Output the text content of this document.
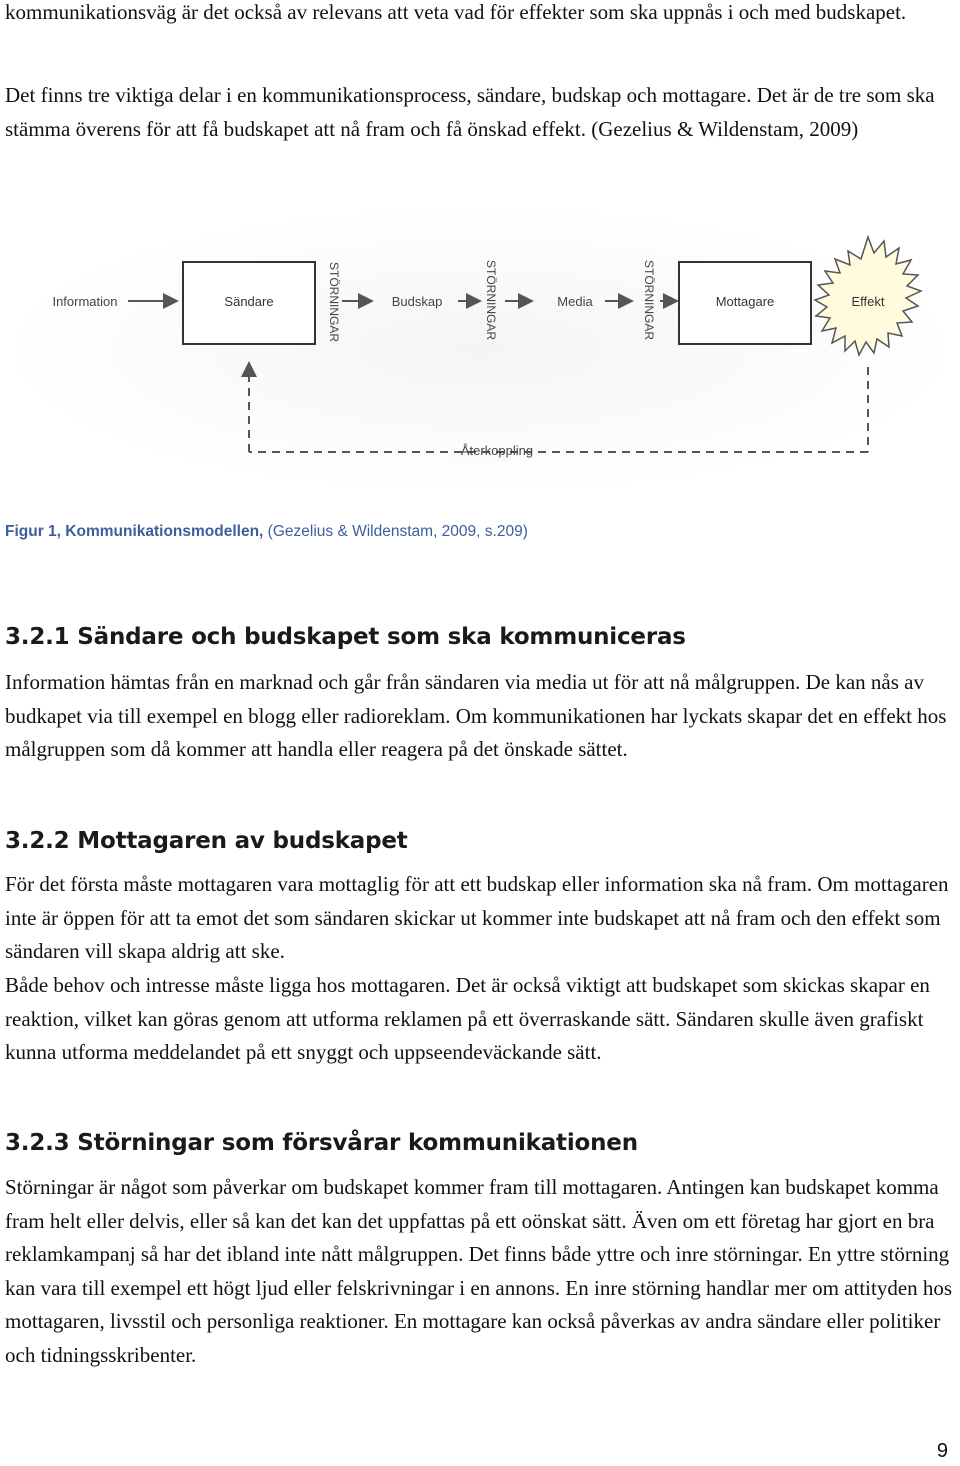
kommunikationsväg är det också av relevans att veta vad för effekter som ska uppnås i och med budskapet.

Det finns tre viktiga delar i en kommunikationsprocess, sändare, budskap och mottagare. Det är de tre som ska stämma överens för att få budskapet att nå fram och få önskad effekt. (Gezelius & Wildenstam, 2009)

Information	Sändare	STÖRNINGAR	Budskap	STÖRNINGAR	Media	STÖRNINGAR	Mottagare	Effekt
Återkoppling

Figur 1, Kommunikationsmodellen, (Gezelius & Wildenstam, 2009, s.209)

3.2.1 Sändare och budskapet som ska kommuniceras

Information hämtas från en marknad och går från sändaren via media ut för att nå målgruppen. De kan nås av budkapet via till exempel en blogg eller radioreklam. Om kommunikationen har lyckats skapar det en effekt hos målgruppen som då kommer att handla eller reagera på det önskade sättet.

3.2.2 Mottagaren av budskapet

För det första måste mottagaren vara mottaglig för att ett budskap eller information ska nå fram. Om mottagaren inte är öppen för att ta emot det som sändaren skickar ut kommer inte budskapet att nå fram och den effekt som sändaren vill skapa aldrig att ske.

Både behov och intresse måste ligga hos mottagaren. Det är också viktigt att budskapet som skickas skapar en reaktion, vilket kan göras genom att utforma reklamen på ett överraskande sätt. Sändaren skulle även grafiskt kunna utforma meddelandet på ett snyggt och uppseendeväckande sätt.

3.2.3 Störningar som försvårar kommunikationen

Störningar är något som påverkar om budskapet kommer fram till mottagaren. Antingen kan budskapet komma fram helt eller delvis, eller så kan det kan det uppfattas på ett oönskat sätt. Även om ett företag har gjort en bra reklamkampanj så har det ibland inte nått målgruppen. Det finns både yttre och inre störningar. En yttre störning kan vara till exempel ett högt ljud eller felskrivningar i en annons. En inre störning handlar mer om attityden hos mottagaren, livsstil och personliga reaktioner. En mottagare kan också påverkas av andra sändare eller politiker och tidningsskribenter.

9
